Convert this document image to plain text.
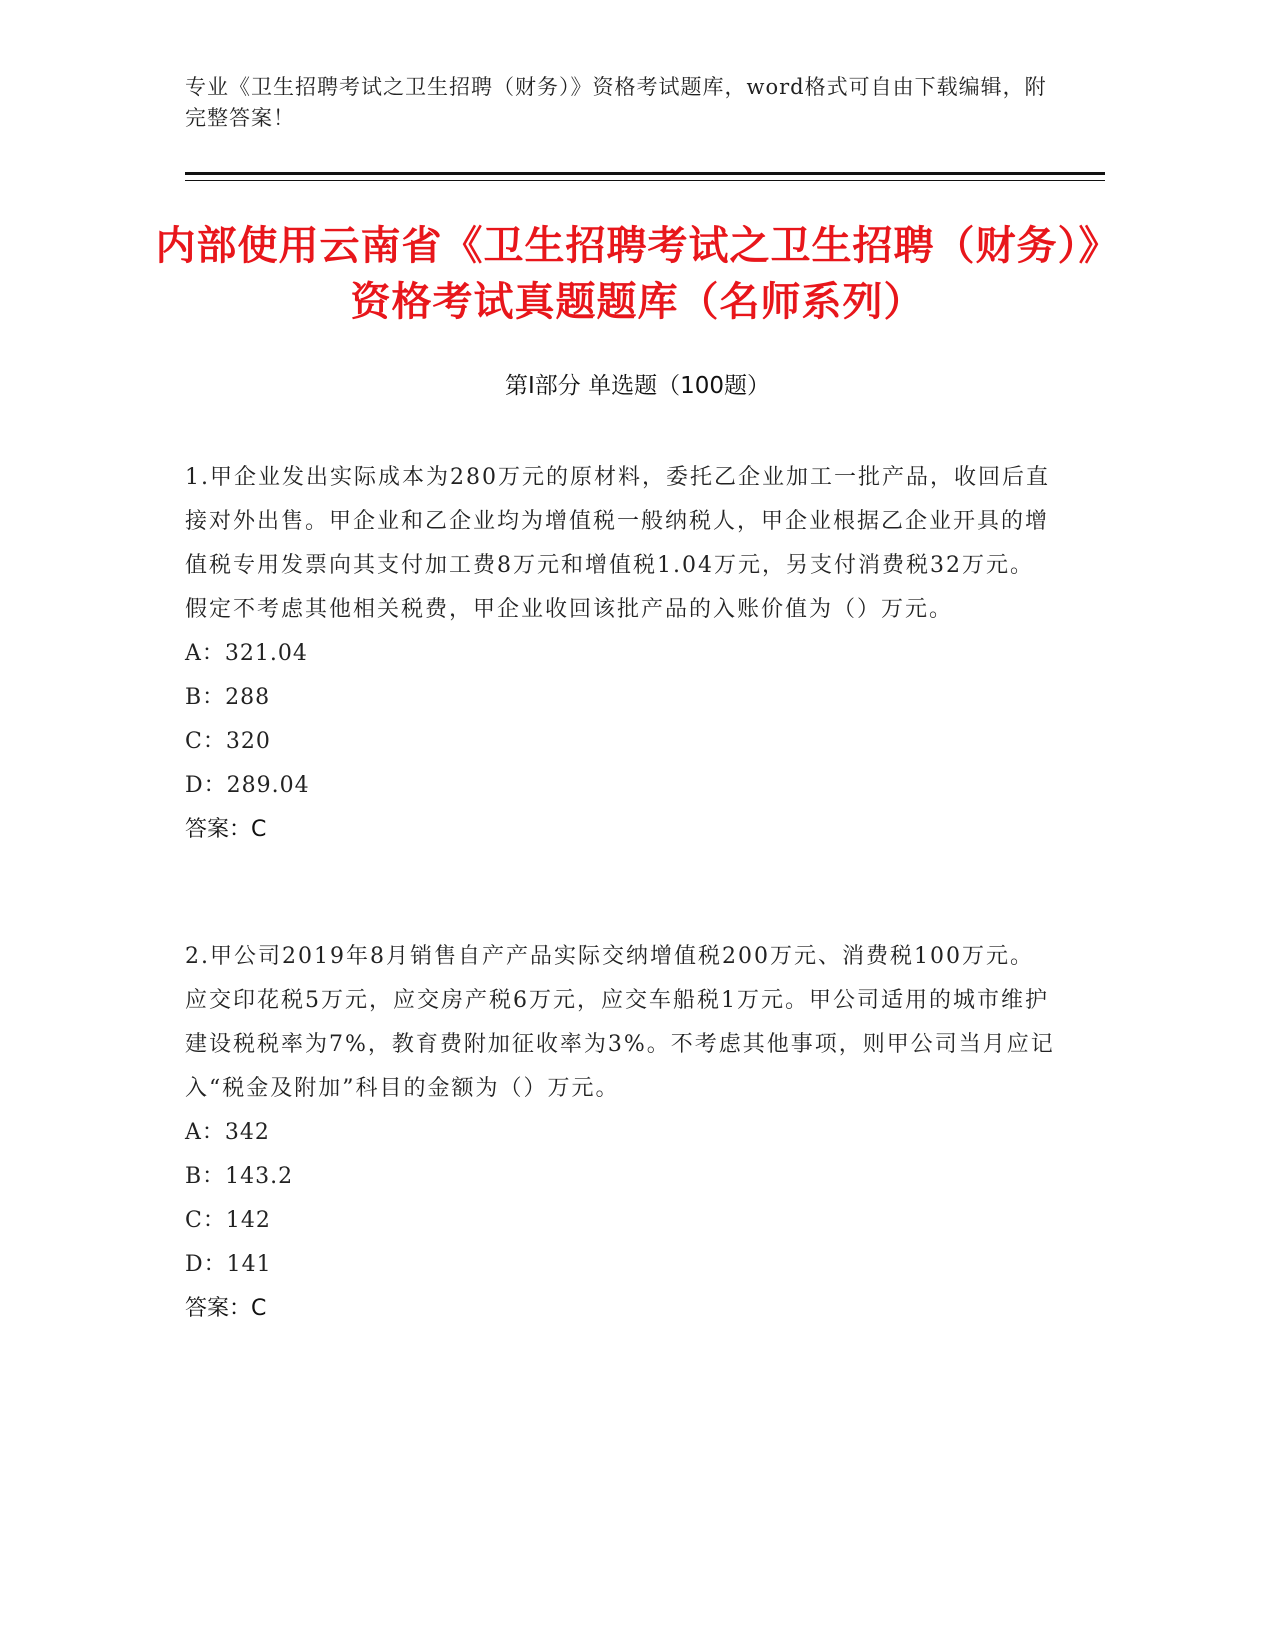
专业《卫生招聘考试之卫生招聘（财务）》资格考试题库，word格式可自由下载编辑，附完整答案！
内部使用云南省《卫生招聘考试之卫生招聘（财务）》资格考试真题题库（名师系列）
第Ⅰ部分 单选题（100题）
1.甲企业发出实际成本为280万元的原材料，委托乙企业加工一批产品，收回后直接对外出售。甲企业和乙企业均为增值税一般纳税人，甲企业根据乙企业开具的增值税专用发票向其支付加工费8万元和增值税1.04万元，另支付消费税32万元。假定不考虑其他相关税费，甲企业收回该批产品的入账价值为（）万元。
A：321.04
B：288
C：320
D：289.04
答案：C
2.甲公司2019年8月销售自产产品实际交纳增值税200万元、消费税100万元。应交印花税5万元，应交房产税6万元，应交车船税1万元。甲公司适用的城市维护建设税税率为7%，教育费附加征收率为3%。不考虑其他事项，则甲公司当月应记入“税金及附加”科目的金额为（）万元。
A：342
B：143.2
C：142
D：141
答案：C
